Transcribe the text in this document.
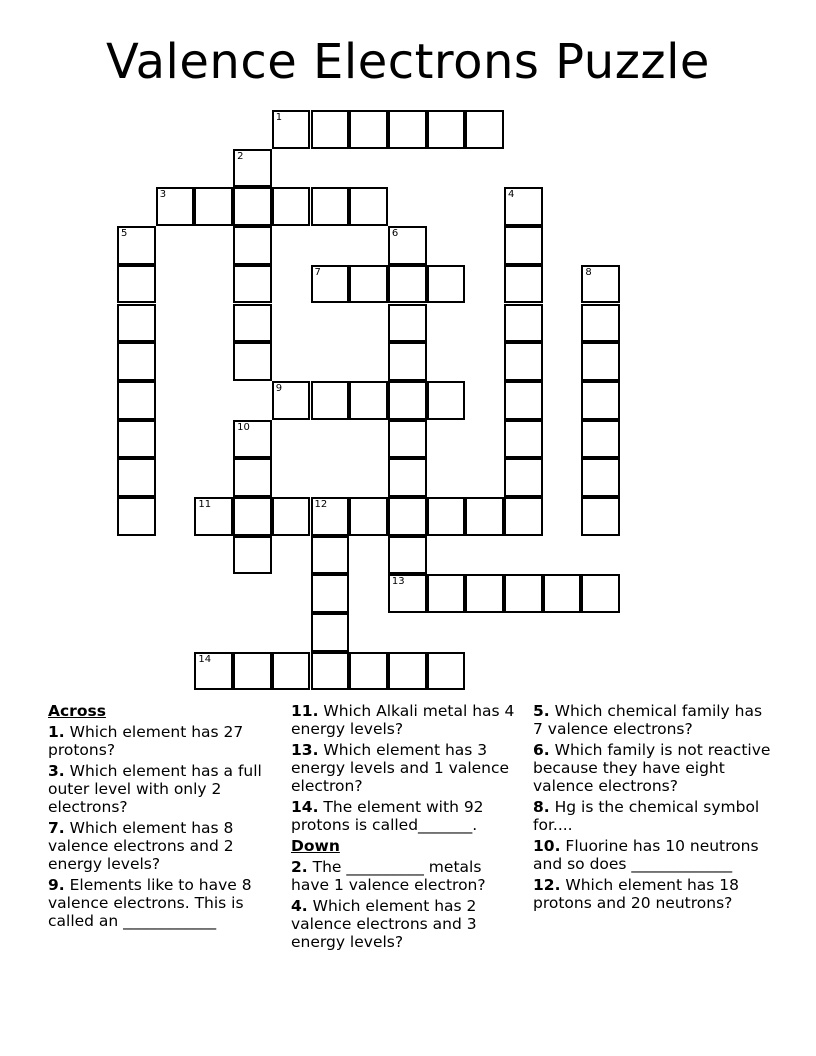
Valence Electrons Puzzle
1
2
3	4
5	6
7	8
9
10
11	12
13
14
Across
1. Which element has 27 protons?
3. Which element has a full outer level with only 2 electrons?
7. Which element has 8 valence electrons and 2 energy levels?
9. Elements like to have 8 valence electrons. This is called an ____________
11. Which Alkali metal has 4 energy levels?
13. Which element has 3 energy levels and 1 valence electron?
14. The element with 92 protons is called_______.
Down
2. The __________ metals have 1 valence electron?
4. Which element has 2 valence electrons and 3 energy levels?
5. Which chemical family has 7 valence electrons?
6. Which family is not reactive because they have eight valence electrons?
8. Hg is the chemical symbol for....
10. Fluorine has 10 neutrons and so does _____________
12. Which element has 18 protons and 20 neutrons?
